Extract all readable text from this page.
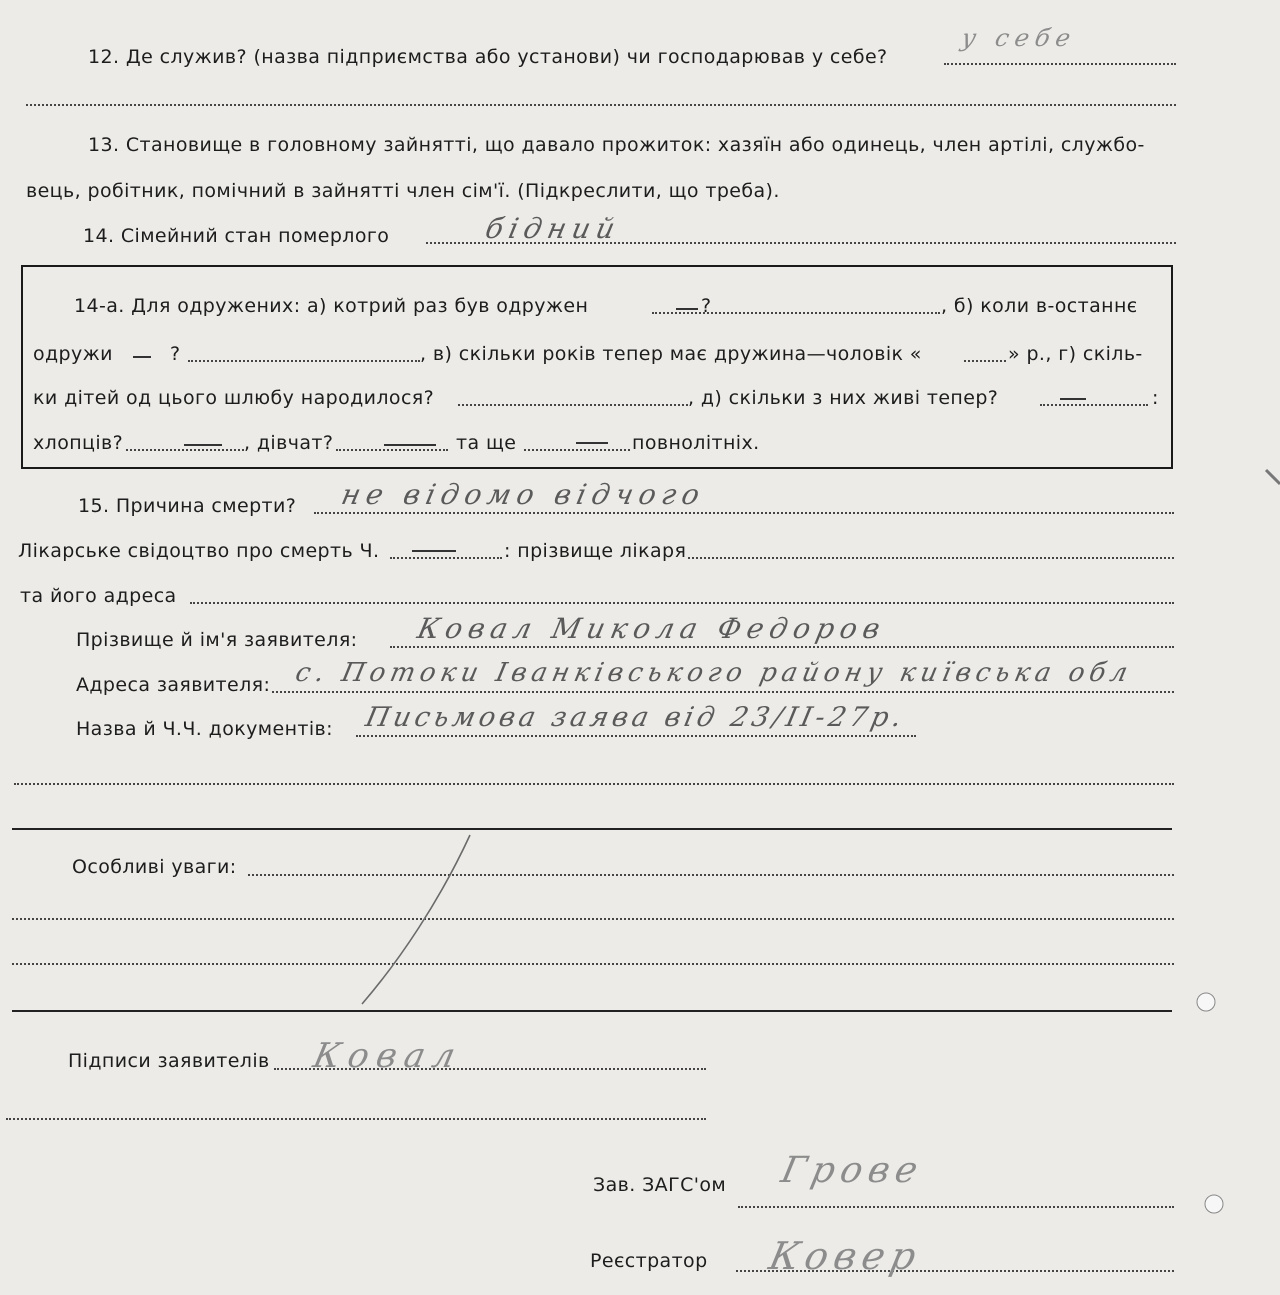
12. Де служив? (назва підприємства або установи) чи господарював у себе?
у себе
13. Становище в головному зайнятті, що давало прожиток: хазяїн або одинець, член артілі, службо-
вець, робітник, помічний в зайнятті член сім'ї. (Підкреслити, що треба).
14. Сімейний стан померлого	бідний
14-а. Для одружених: а) котрий раз був одружен	?	, б) коли в-останнє
одружи	?	, в) скільки років тепер має дружина—чоловік «	» р., г) скіль-
ки дітей од цього шлюбу народилося?	, д) скільки з них живі тепер?	:
хлопців?	, дівчат?	та ще	повнолітніх.
15. Причина смерти? не відомо відчого
Лікарське свідоцтво про смерть Ч.	: прізвище лікаря
та його адреса
Прізвище й ім'я заявителя: Ковал Микола Федоров
Адреса заявителя: с. Потоки Іванківського району київська обл
Назва й Ч.Ч. документів: Письмова заява від 23/ІІ-27р.
Особливі уваги:
Підписи заявителів Ковал
Зав. ЗАГС'ом Грове
Реєстратор Ковер
